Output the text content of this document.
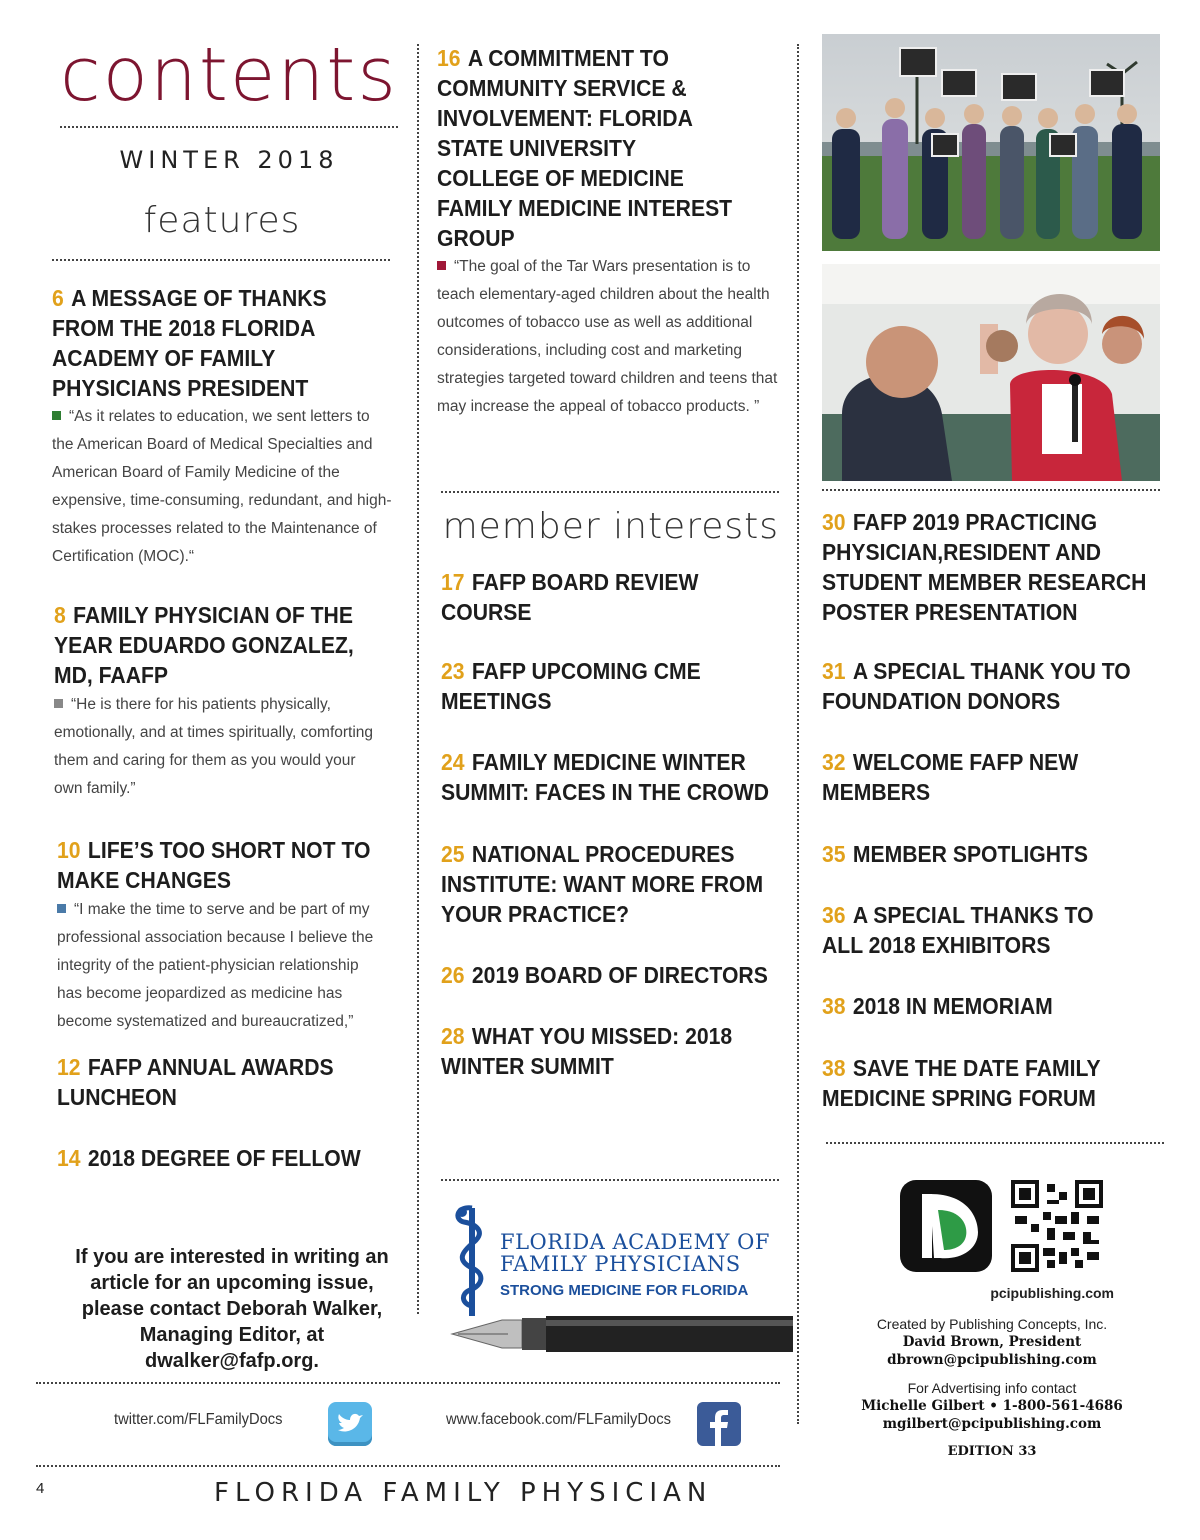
contents
WINTER 2018
features
6 A MESSAGE OF THANKS FROM THE 2018 FLORIDA ACADEMY OF FAMILY PHYSICIANS PRESIDENT
“As it relates to education, we sent letters to the American Board of Medical Specialties and American Board of Family Medicine of the expensive, time-consuming, redundant, and high-stakes processes related to the Maintenance of Certification (MOC).“
8 FAMILY PHYSICIAN OF THE YEAR EDUARDO GONZALEZ, MD, FAAFP
“He is there for his patients physically, emotionally, and at times spiritually, comforting them and caring for them as you would your own family.”
10 LIFE’S TOO SHORT NOT TO MAKE CHANGES
“I make the time to serve and be part of my professional association because I believe the integrity of the patient-physician relationship has become jeopardized as medicine has become systematized and bureaucratized,”
12 FAFP ANNUAL AWARDS LUNCHEON
14 2018 DEGREE OF FELLOW
If you are interested in writing an article for an upcoming issue, please contact Deborah Walker, Managing Editor, at dwalker@fafp.org.
16 A COMMITMENT TO COMMUNITY SERVICE & INVOLVEMENT: FLORIDA STATE UNIVERSITY COLLEGE OF MEDICINE FAMILY MEDICINE INTEREST GROUP
“The goal of the Tar Wars presentation is to teach elementary-aged children about the health outcomes of tobacco use as well as additional considerations, including cost and marketing strategies targeted toward children and teens that may increase the appeal of tobacco products. ”
member interests
17 FAFP BOARD REVIEW COURSE
23 FAFP UPCOMING CME MEETINGS
24 FAMILY MEDICINE WINTER SUMMIT: FACES IN THE CROWD
25 NATIONAL PROCEDURES INSTITUTE: WANT MORE FROM YOUR PRACTICE?
26 2019 BOARD OF DIRECTORS
28 WHAT YOU MISSED: 2018 WINTER SUMMIT
FLORIDA ACADEMY OF
FAMILY PHYSICIANS
STRONG MEDICINE FOR FLORIDA
30 FAFP 2019 PRACTICING PHYSICIAN,RESIDENT AND STUDENT MEMBER RESEARCH POSTER PRESENTATION
31 A SPECIAL THANK YOU TO FOUNDATION DONORS
32 WELCOME FAFP NEW MEMBERS
35 MEMBER SPOTLIGHTS
36 A SPECIAL THANKS TO ALL 2018 EXHIBITORS
38 2018 IN MEMORIAM
38 SAVE THE DATE FAMILY MEDICINE SPRING FORUM
pcipublishing.com
Created by Publishing Concepts, Inc.
David Brown, President
dbrown@pcipublishing.com
For Advertising info contact
Michelle Gilbert • 1-800-561-4686
mgilbert@pcipublishing.com
EDITION 33
twitter.com/FLFamilyDocs	www.facebook.com/FLFamilyDocs
4	FLORIDA FAMILY PHYSICIAN
